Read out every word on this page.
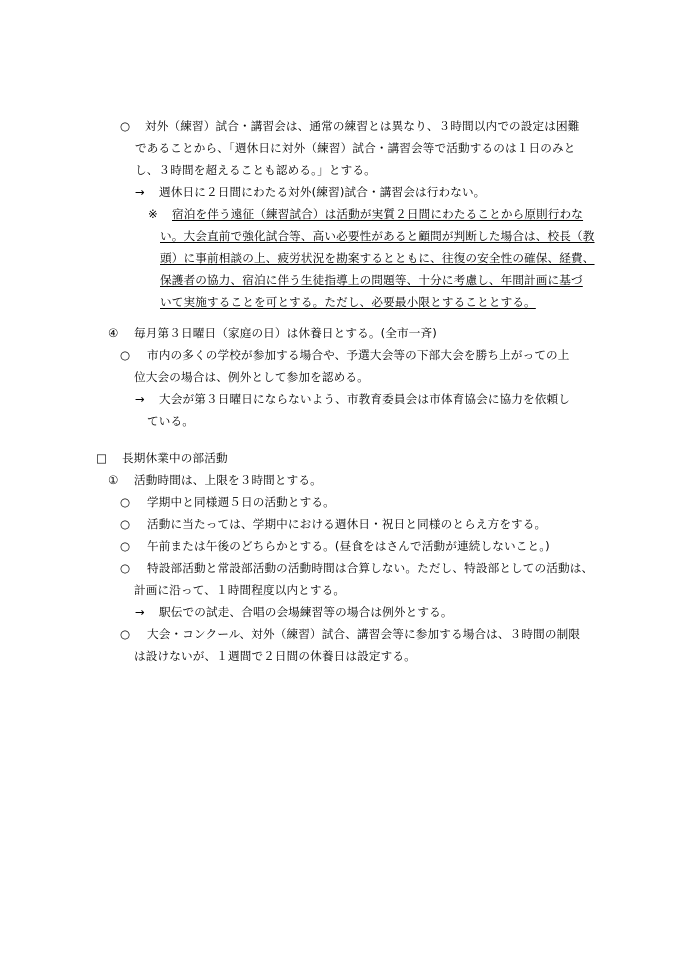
○ 対外（練習）試合・講習会は、通常の練習とは異なり、３時間以内での設定は困難
であることから、「週休日に対外（練習）試合・講習会等で活動するのは１日のみと
し、３時間を超えることも認める。」とする。
→ 週休日に２日間にわたる対外(練習)試合・講習会は行わない。
※ 宿泊を伴う遠征（練習試合）は活動が実質２日間にわたることから原則行わな
い。大会直前で強化試合等、高い必要性があると顧問が判断した場合は、校長（教
頭）に事前相談の上、疲労状況を勘案するとともに、往復の安全性の確保、経費、
保護者の協力、宿泊に伴う生徒指導上の問題等、十分に考慮し、年間計画に基づ
いて実施することを可とする。ただし、必要最小限とすることとする。
④ 毎月第３日曜日（家庭の日）は休養日とする。(全市一斉)
○ 市内の多くの学校が参加する場合や、予選大会等の下部大会を勝ち上がっての上
位大会の場合は、例外として参加を認める。
→ 大会が第３日曜日にならないよう、市教育委員会は市体育協会に協力を依頼し
ている。
□ 長期休業中の部活動
① 活動時間は、上限を３時間とする。
○ 学期中と同様週５日の活動とする。
○ 活動に当たっては、学期中における週休日・祝日と同様のとらえ方をする。
○ 午前または午後のどちらかとする。(昼食をはさんで活動が連続しないこと。)
○ 特設部活動と常設部活動の活動時間は合算しない。ただし、特設部としての活動は、
計画に沿って、１時間程度以内とする。
→ 駅伝での試走、合唱の会場練習等の場合は例外とする。
○ 大会・コンクール、対外（練習）試合、講習会等に参加する場合は、３時間の制限
は設けないが、１週間で２日間の休養日は設定する。
